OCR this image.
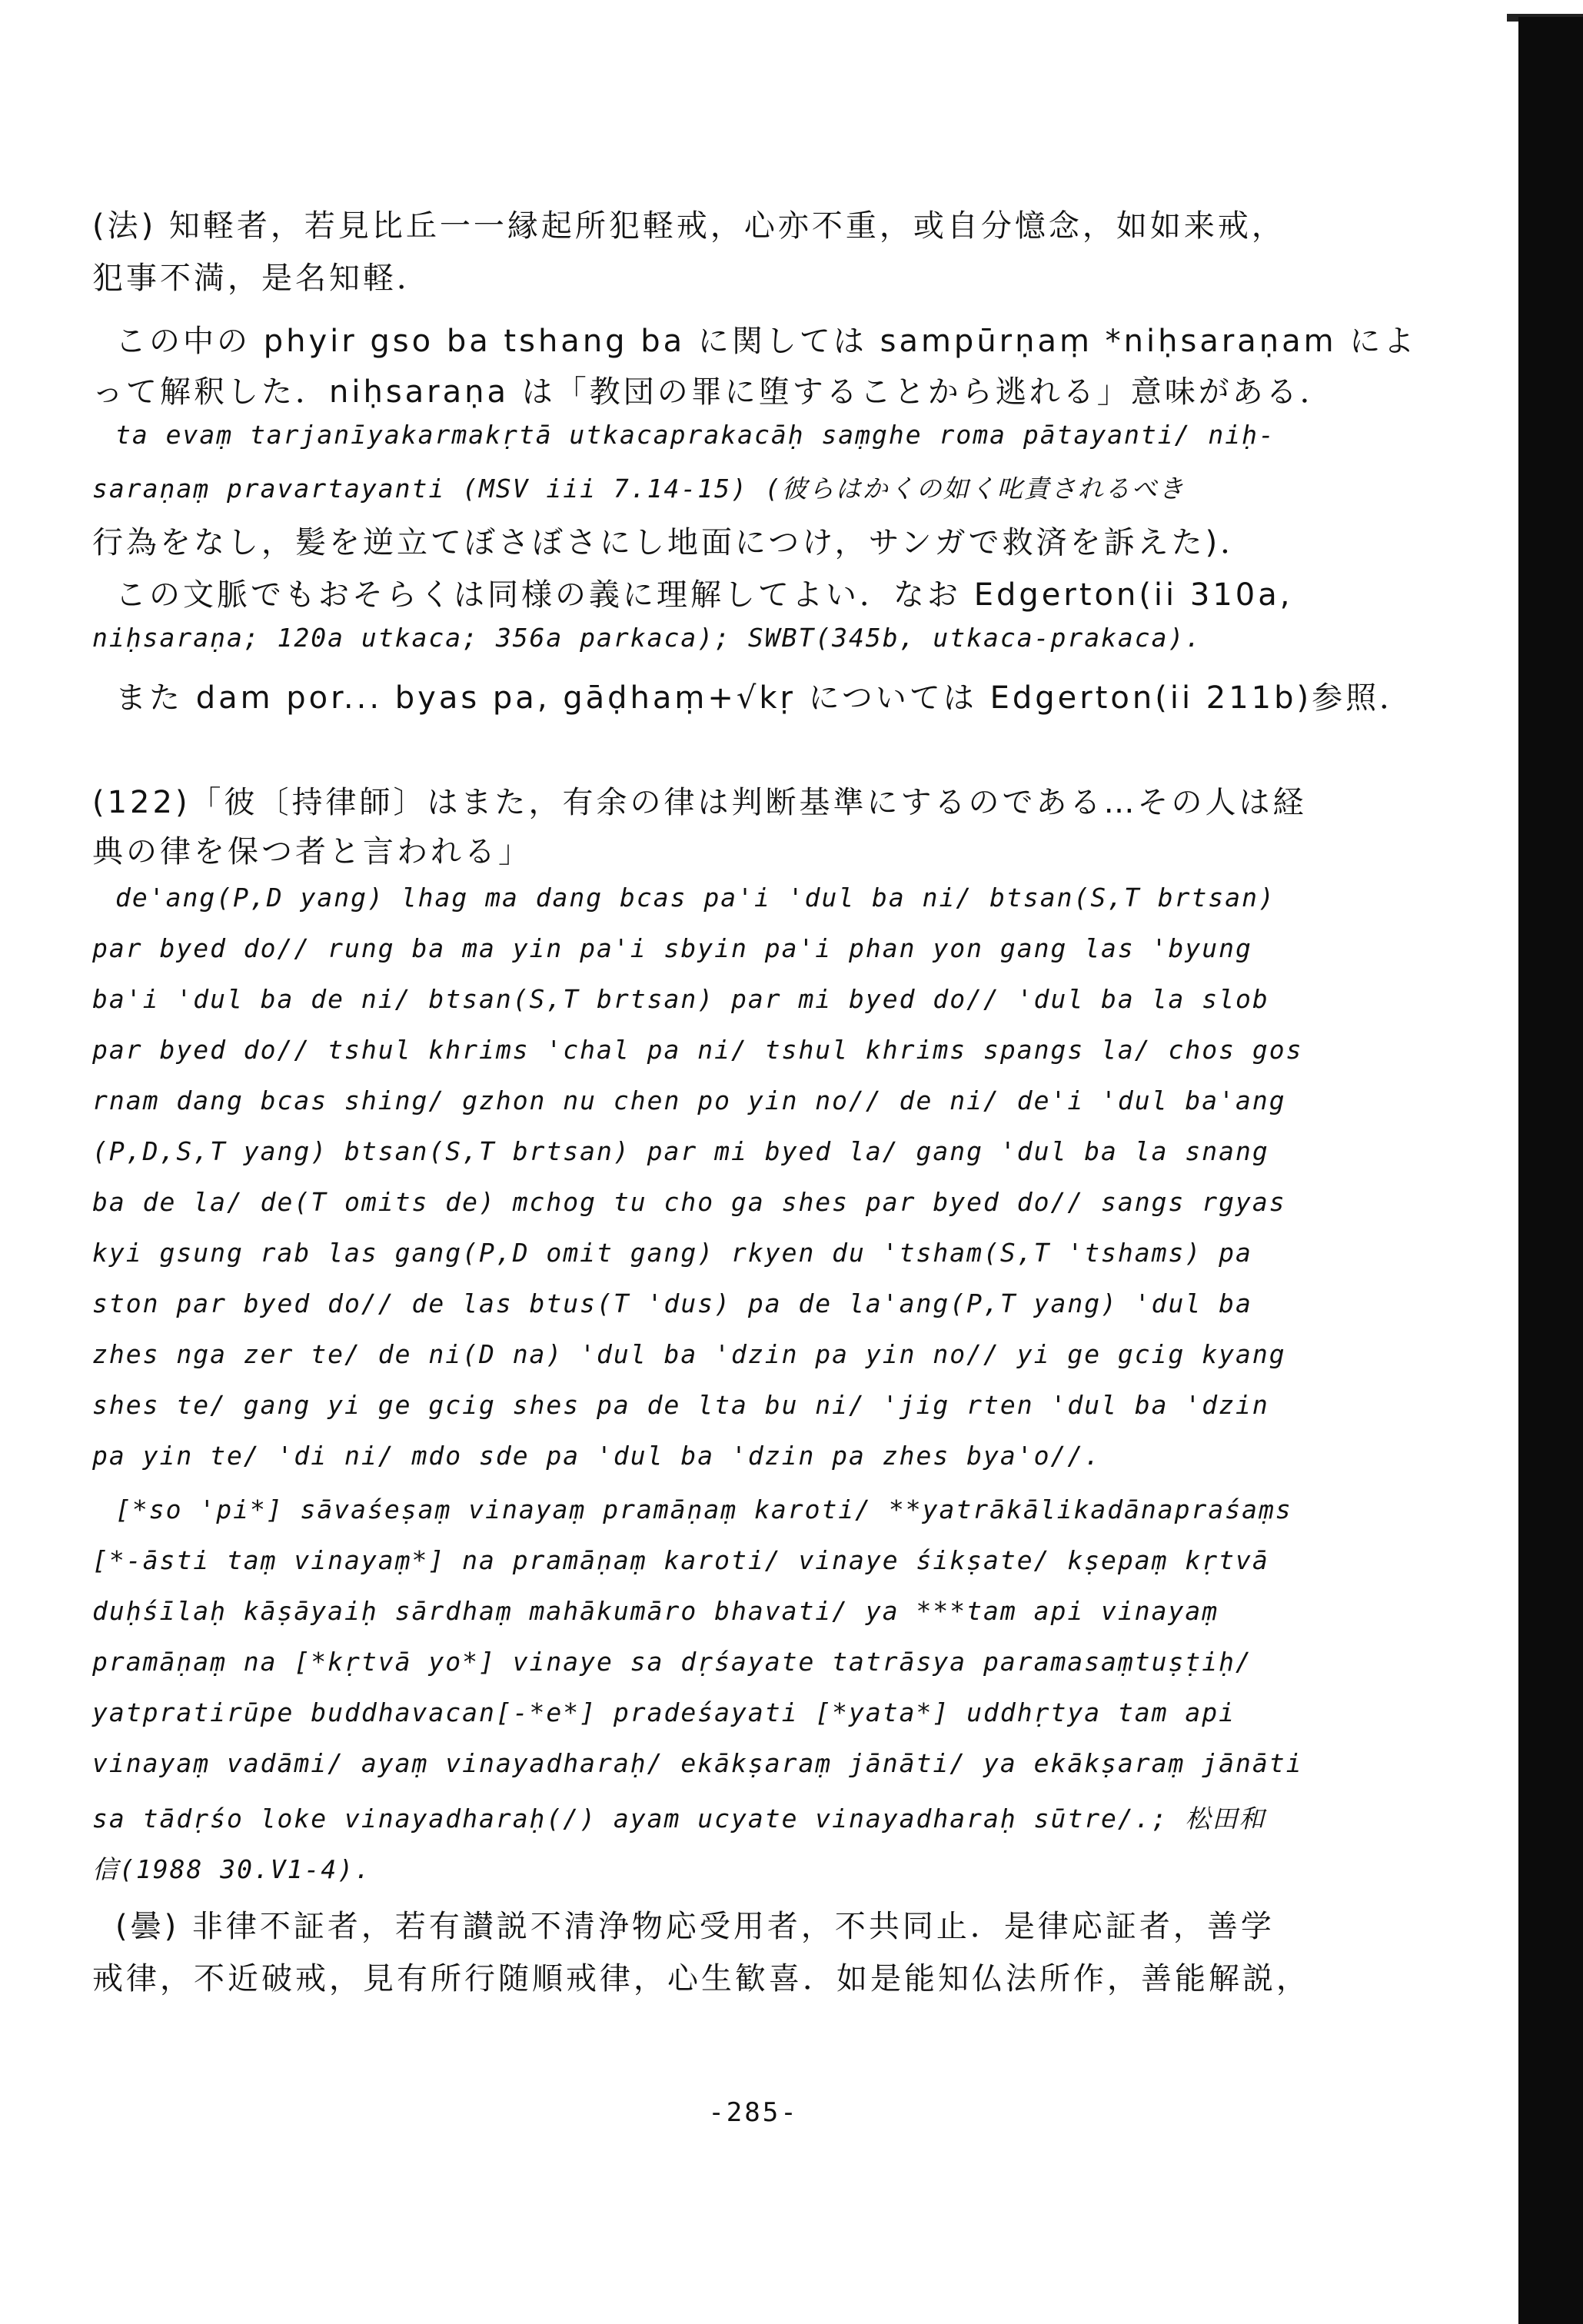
(法) 知軽者，若見比丘一一縁起所犯軽戒，心亦不重，或自分憶念，如如来戒，
犯事不満，是名知軽．
この中の phyir gso ba tshang ba に関しては sampūrṇaṃ *niḥsaraṇam によ
って解釈した．niḥsaraṇa は「教団の罪に堕することから逃れる」意味がある．
ta evaṃ tarjanīyakarmakṛtā utkacaprakacāḥ saṃghe roma pātayanti/ niḥ-
saraṇaṃ pravartayanti (MSV iii 7.14-15) (彼らはかくの如く叱責されるべき
行為をなし，髪を逆立てぼさぼさにし地面につけ，サンガで救済を訴えた)．
この文脈でもおそらくは同様の義に理解してよい．なお Edgerton(ii 310a,
niḥsaraṇa; 120a utkaca; 356a parkaca); SWBT(345b, utkaca-prakaca).
また dam por... byas pa, gāḍhaṃ+√kṛ については Edgerton(ii 211b)参照．
(122)「彼〔持律師〕はまた，有余の律は判断基準にするのである…その人は経
典の律を保つ者と言われる」
de'ang(P,D yang) lhag ma dang bcas pa'i 'dul ba ni/ btsan(S,T brtsan)
par byed do// rung ba ma yin pa'i sbyin pa'i phan yon gang las 'byung
ba'i 'dul ba de ni/ btsan(S,T brtsan) par mi byed do// 'dul ba la slob
par byed do// tshul khrims 'chal pa ni/ tshul khrims spangs la/ chos gos
rnam dang bcas shing/ gzhon nu chen po yin no// de ni/ de'i 'dul ba'ang
(P,D,S,T yang) btsan(S,T brtsan) par mi byed la/ gang 'dul ba la snang
ba de la/ de(T omits de) mchog tu cho ga shes par byed do// sangs rgyas
kyi gsung rab las gang(P,D omit gang) rkyen du 'tsham(S,T 'tshams) pa
ston par byed do// de las btus(T 'dus) pa de la'ang(P,T yang) 'dul ba
zhes nga zer te/ de ni(D na) 'dul ba 'dzin pa yin no// yi ge gcig kyang
shes te/ gang yi ge gcig shes pa de lta bu ni/ 'jig rten 'dul ba 'dzin
pa yin te/ 'di ni/ mdo sde pa 'dul ba 'dzin pa zhes bya'o//.
[*so 'pi*] sāvaśeṣaṃ vinayaṃ pramāṇaṃ karoti/ **yatrākālikadānapraśaṃs
[*-āsti taṃ vinayaṃ*] na pramāṇaṃ karoti/ vinaye śikṣate/ kṣepaṃ kṛtvā
duḥśīlaḥ kāṣāyaiḥ sārdhaṃ mahākumāro bhavati/ ya ***tam api vinayaṃ
pramāṇaṃ na [*kṛtvā yo*] vinaye sa dṛśayate tatrāsya paramasaṃtuṣṭiḥ/
yatpratirūpe buddhavacan[-*e*] pradeśayati [*yata*] uddhṛtya tam api
vinayaṃ vadāmi/ ayaṃ vinayadharaḥ/ ekākṣaraṃ jānāti/ ya ekākṣaraṃ jānāti
sa tādṛśo loke vinayadharaḥ(/) ayam ucyate vinayadharaḥ sūtre/.; 松田和
信(1988 30.V1-4).
(曇) 非律不証者，若有讃説不清浄物応受用者，不共同止．是律応証者，善学
戒律，不近破戒，見有所行随順戒律，心生歓喜．如是能知仏法所作，善能解説，
-285-
